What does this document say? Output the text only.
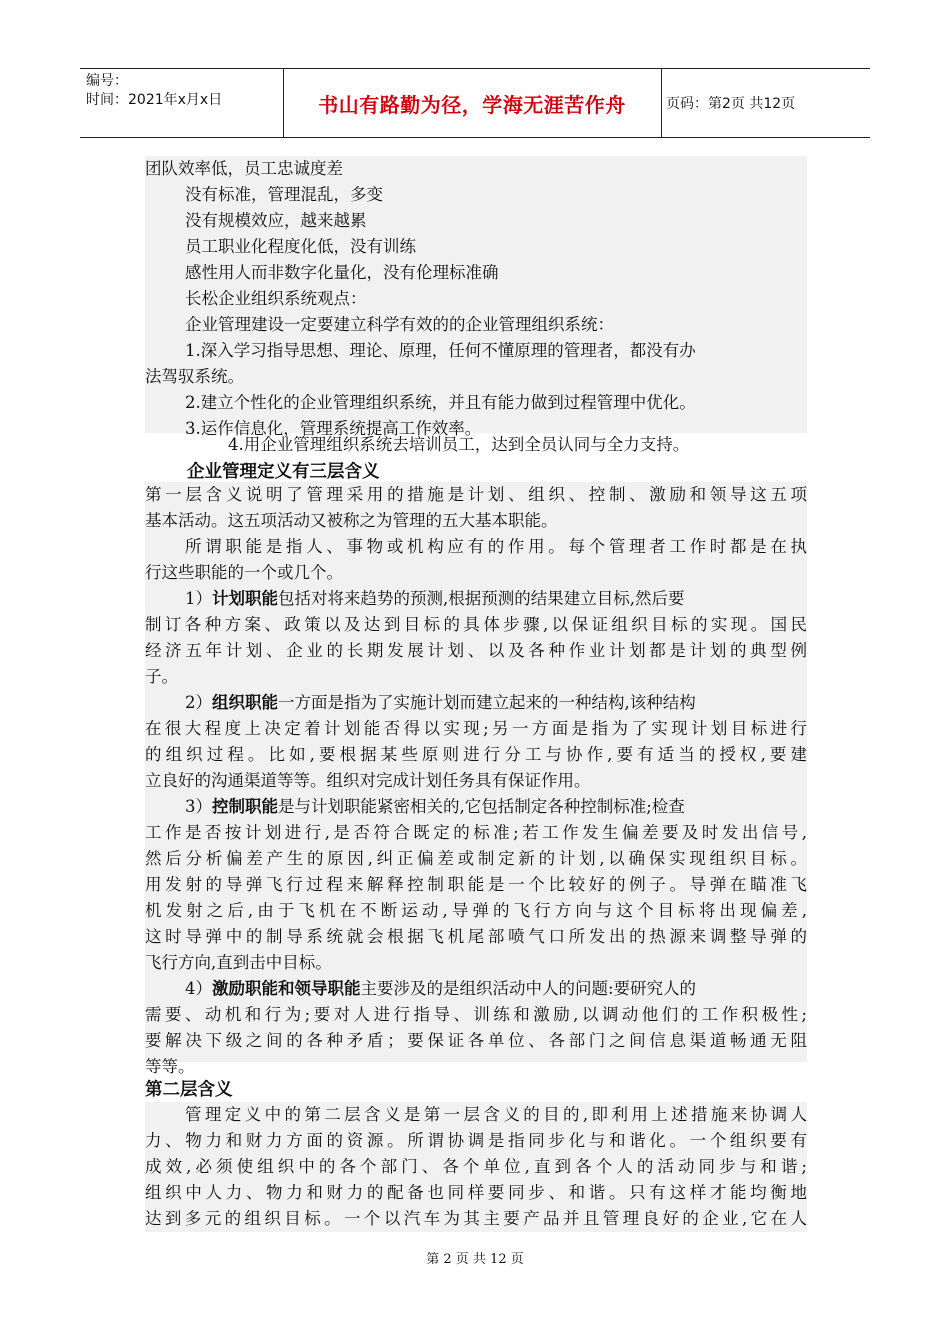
编号：
时间：2021年x月x日	书山有路勤为径，学海无涯苦作舟	页码：第2页 共12页
团队效率低，员工忠诚度差
没有标准，管理混乱，多变
没有规模效应，越来越累
员工职业化程度化低，没有训练
感性用人而非数字化量化，没有伦理标准确
长松企业组织系统观点：
企业管理建设一定要建立科学有效的的企业管理组织系统：
1.深入学习指导思想、理论、原理，任何不懂原理的管理者，都没有办
法驾驭系统。
2.建立个性化的企业管理组织系统，并且有能力做到过程管理中优化。
3.运作信息化，管理系统提高工作效率。
4.用企业管理组织系统去培训员工，达到全员认同与全力支持。
企业管理定义有三层含义
第一层含义说明了管理采用的措施是计划、组织、控制、激励和领导这五项
基本活动。这五项活动又被称之为管理的五大基本职能。
所谓职能是指人、事物或机构应有的作用。每个管理者工作时都是在执
行这些职能的一个或几个。
1）计划职能包括对将来趋势的预测,根据预测的结果建立目标,然后要
制订各种方案、政策以及达到目标的具体步骤,以保证组织目标的实现。国民
经济五年计划、企业的长期发展计划、以及各种作业计划都是计划的典型例
子。
2）组织职能一方面是指为了实施计划而建立起来的一种结构,该种结构
在很大程度上决定着计划能否得以实现;另一方面是指为了实现计划目标进行
的组织过程。比如,要根据某些原则进行分工与协作,要有适当的授权,要建
立良好的沟通渠道等等。组织对完成计划任务具有保证作用。
3）控制职能是与计划职能紧密相关的,它包括制定各种控制标准;检查
工作是否按计划进行,是否符合既定的标准;若工作发生偏差要及时发出信号,
然后分析偏差产生的原因,纠正偏差或制定新的计划,以确保实现组织目标。
用发射的导弹飞行过程来解释控制职能是一个比较好的例子。导弹在瞄准飞
机发射之后,由于飞机在不断运动,导弹的飞行方向与这个目标将出现偏差,
这时导弹中的制导系统就会根据飞机尾部喷气口所发出的热源来调整导弹的
飞行方向,直到击中目标。
4）激励职能和领导职能主要涉及的是组织活动中人的问题:要研究人的
需要、动机和行为;要对人进行指导、训练和激励,以调动他们的工作积极性;
要解决下级之间的各种矛盾；要保证各单位、各部门之间信息渠道畅通无阻
等等。
第二层含义
管理定义中的第二层含义是第一层含义的目的,即利用上述措施来协调人
力、物力和财力方面的资源。所谓协调是指同步化与和谐化。一个组织要有
成效,必须使组织中的各个部门、各个单位,直到各个人的活动同步与和谐;
组织中人力、物力和财力的配备也同样要同步、和谐。只有这样才能均衡地
达到多元的组织目标。一个以汽车为其主要产品并且管理良好的企业,它在人
第 2 页 共 12 页
